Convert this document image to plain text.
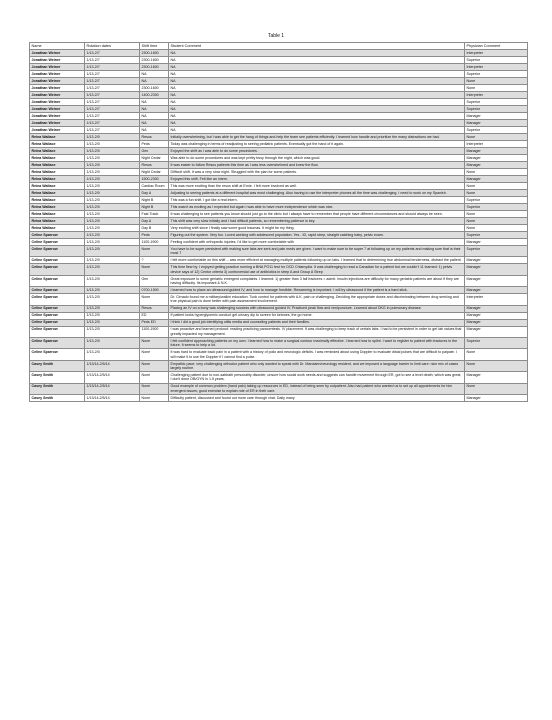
Table 1
Name	Rotation dates	Shift time	Student Comment	Physician Comment
Jonathan Weiner	1/13-2/7	2300-1600	NA	Interpreter
Jonathan Weiner	1/13-2/7	2300-1600	NA	Superior
Jonathan Weiner	1/13-2/7	2300-1600	NA	Interpreter
Jonathan Weiner	1/13-2/7	NA	NA	Superior
Jonathan Weiner	1/13-2/7	NA	NA	None
Jonathan Weiner	1/13-2/7	2300-1600	NA	None
Jonathan Weiner	1/13-2/7	1400-2300	NA	Interpreter
Jonathan Weiner	1/13-2/7	NA	NA	Superior
Jonathan Weiner	1/13-2/7	NA	NA	Superior
Jonathan Weiner	1/13-2/7	NA	NA	Manager
Jonathan Weiner	1/13-2/7	NA	NA	Manager
Jonathan Weiner	1/13-2/7	NA	NA	Superior
Reina Wallace	1/13-2/0	Resus	Initially overwhelming, but I was able to get the hang of things and help the team see patients efficiently. I learned how handle and prioritize the many distractions we had.	None
Reina Wallace	1/13-2/0	Peds	Today was challenging in terms of readjusting to seeing pediatric patients. Eventually got the hand of it again.	Interpreter
Reina Wallace	1/13-2/0	Gen	Enjoyed the shift as I was able to do some procedures.	Manager
Reina Wallace	1/13-2/0	Night Cedar	Was able to do some procedures and was kept pretty busy through the night, which was good.	Manager
Reina Wallace	1/13-2/0	Resus	It was easier to follow Resus patients this time as I was less overwhelmed and knew the flow.	Manager
Reina Wallace	1/13-2/0	Night Cedar	Difficult shift. It was a very slow night. Struggled with the plan for some patients.	None
Reina Wallace	1/13-2/0	1500-2300	Enjoyed this shift. Felt like an intern.	Manager
Reina Wallace	1/13-2/0	Cardiac Room	This was more exciting than the resus shift at Ernie. I felt more involved as well.	None
Reina Wallace	1/13-2/0	Day A	Adjusting to seeing patients at a different hospital was most challenging. Also having to use the interpreter phones all the time was challenging. I need to work on my Spanish.	None
Reina Wallace	1/13-2/0	Night B	This was a fun shift. I got like a real intern.	Superior
Reina Wallace	1/13-2/0	Night B	This wasn't as exciting as I expected but again I was able to have more independence which was nice.	Superior
Reina Wallace	1/13-2/0	Fast Track	It was challenging to see patients you know should just go to the clinic but I always have to remember that people have different circumstances and should always be seen.	None
Reina Wallace	1/13-2/0	Day A	This shift was very slow initially and I had difficult patients, so remembering patience is key.	None
Reina Wallace	1/13-2/0	Day B	Very exciting shift since I finally saw some good traumas. It might be my thing.	None
Celine Sparrow	1/13-2/0	Peds	Figuring out the system. Very fun. Loved working with adolescent population. Yes - ID, rapid strep, straight catching baby, pelvic exam.	Superior
Celine Sparrow	1/13-2/0	1100-1900	Feeling confident with orthopedic injuries. I'd like to get more comfortable with	Manager
Celine Sparrow	1/13-2/0	None	You have to be super persistent with making sure labs are sent and pain meds are given. I want to make sure to be super 7 at following up on my patients and making sure that is their most 7	Superior
Celine Sparrow	1/13-2/0	?	I felt more comfortable on this shift -- was more efficient at managing multiple patients following up on labs. I learned that to determining true abdominal tenderness, distract the patient.	Manager
Celine Sparrow	1/13-2/0	None	This time flew by. I enjoyed getting practice running a BNA PO11 test for OCD Chlamydia. It was challenging to read a Canadian for a patient but we couldn't 11 learned: 1) pelvis device says of 12) Centor criteria 3) controversial use of antibiotics in strep A and Group A Strep	Manager
Celine Sparrow	1/13-2/0	Gen	Great exposure to some geriatric emergent complaints. I learned: 1) greater than 3 fall fractures = admit. Insulin injections are difficulty for many geriatric patients are about if they are having difficulty. Its important & N.K.	Manager
Celine Sparrow	1/13-2/0	0700-1500	I learned how to place an ultrasound guided IV, and how to manage frostbite. Rewarming is important. I will try ultrasound if the patient is a hard stick.	Manager
Celine Sparrow	1/13-2/0	None	Dr. Cirnado found me a military/walkin education. Took control for patients with A.K. pain or challenging. Deciding the appropriate doses and discriminating between drug seeking and true physical pain is done better with pain assessment involvement.	Interpreter
Celine Sparrow	1/13-2/0	Resus	Placing an IV on a bony was challenging success with ultrasound guided IV. Practiced peak flow and venipuncture. Learned about DKG in pulmonary disease.	Manager
Celine Sparrow	1/13-2/0	ED	If patient looks hyperglycemic conduct get urinary dip to screen for ketones, the go home.	Manager
Celine Sparrow	1/13-2/0	Peds ED	I think I did a good job identifying otitis media and counseling patients and their families.	Manager
Celine Sparrow	1/13-2/0	1100-1900	I was proactive and learned protocol: reading practicing paracentesis. IV placement. It was challenging to keep track of certain labs. I had to be persistent in order to get lab values that greatly impacted my management.	Manager
Celine Sparrow	1/13-2/0	None	I felt confident approaching patients on my own. I learned how to make a surgical contour maximally effective. I learned how to splint. I want to register to patient with fractures in the future. It seems to help a lot.	Superior
Celine Sparrow	1/13-2/0	None	It was hard to evaluate back pain in a patient with a history of polio and neurologic deficits. I was reminded about using Doppler to evaluate distal pulses that are difficult to palpate. I will make it to use the Doppler if I cannot find a pulse.	None
Casey Smith	1/13/14-2/5/14	None	Empathic pace; very challenging orthodox patient who only wanted to speak with Dr. Mandarin/neurology resident, and we imposed a language barrier to limit care: nice mix of cases largely routine.	None
Casey Smith	1/13/14-2/5/14	None	Challenging patient due to non-sabbath personality disorder, unsure how social work needs and suggests can handle movement through ER, got to see a level death, which was great, I don't done OB/GYN in 1.5 years.	Manager
Casey Smith	1/13/14-2/5/14	None	Good example of common problem (hand pain) taking up resources in ED, instead of being seen by outpatient. Also had patient who wanted us to set up all appointments for him emergent issues; good exercise to explain role of ER in their care.	None
Casey Smith	1/13/14-2/5/14	None	Difficulty patient, discussed and found out more care through chat. Daily many	Manager
